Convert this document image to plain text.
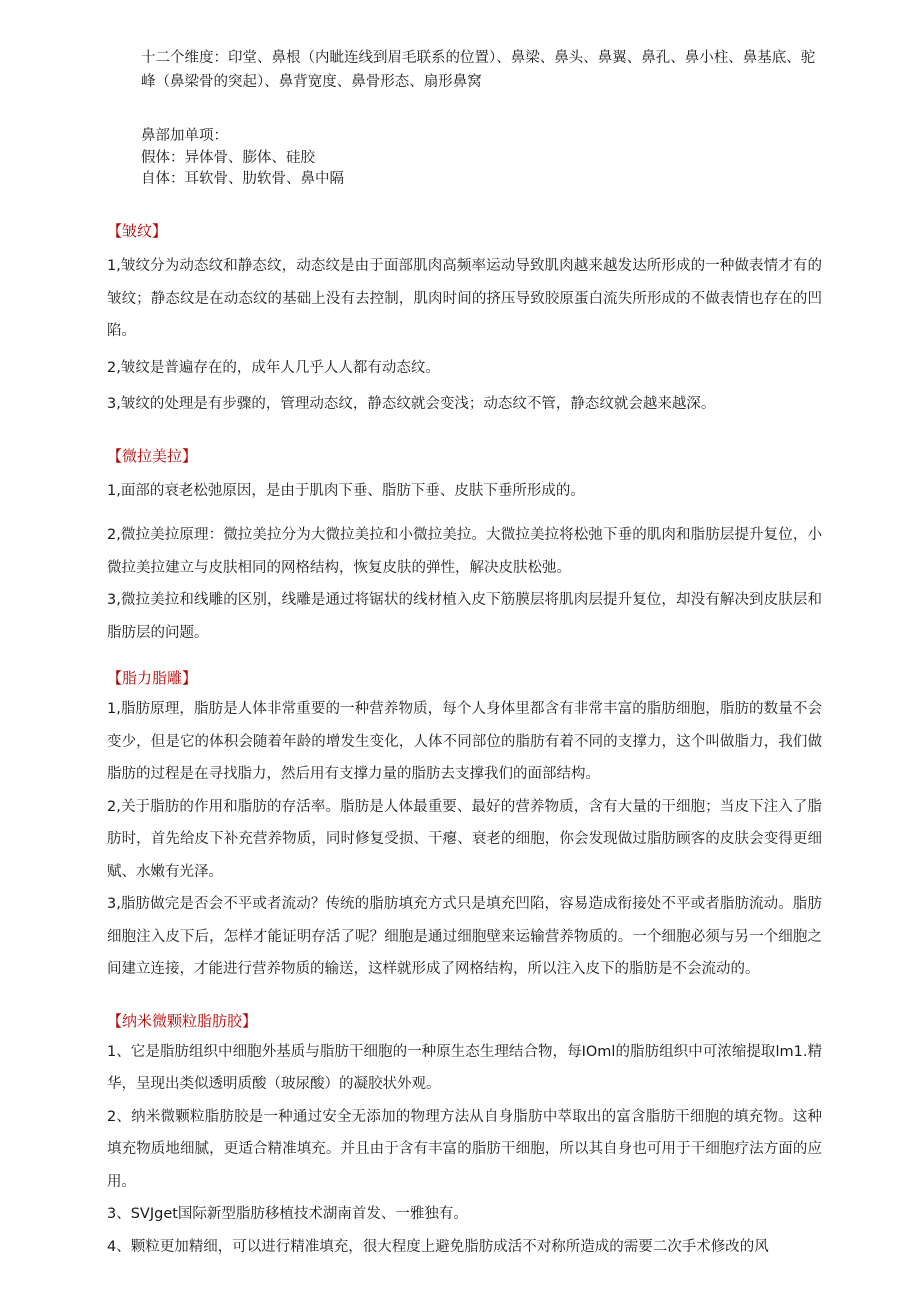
十二个维度：印堂、鼻根（内眦连线到眉毛联系的位置）、鼻梁、鼻头、鼻翼、鼻孔、鼻小柱、鼻基底、驼峰（鼻梁骨的突起）、鼻背宽度、鼻骨形态、扇形鼻窝

鼻部加单项：

假体：异体骨、膨体、硅胶

自体：耳软骨、肋软骨、鼻中隔

【皱纹】

1,皱纹分为动态纹和静态纹，动态纹是由于面部肌肉高频率运动导致肌肉越来越发达所形成的一种做表情才有的皱纹；静态纹是在动态纹的基础上没有去控制，肌肉时间的挤压导致胶原蛋白流失所形成的不做表情也存在的凹陷。

2,皱纹是普遍存在的，成年人几乎人人都有动态纹。

3,皱纹的处理是有步骤的，管理动态纹，静态纹就会变浅；动态纹不管，静态纹就会越来越深。

【微拉美拉】

1,面部的衰老松弛原因，是由于肌肉下垂、脂肪下垂、皮肤下垂所形成的。

2,微拉美拉原理：微拉美拉分为大微拉美拉和小微拉美拉。大微拉美拉将松弛下垂的肌肉和脂肪层提升复位，小微拉美拉建立与皮肤相同的网格结构，恢复皮肤的弹性，解决皮肤松弛。

3,微拉美拉和线雕的区别，线雕是通过将锯状的线材植入皮下筋膜层将肌肉层提升复位，却没有解决到皮肤层和脂肪层的问题。

【脂力脂雕】

1,脂肪原理，脂肪是人体非常重要的一种营养物质，每个人身体里都含有非常丰富的脂肪细胞，脂肪的数量不会变少，但是它的体积会随着年龄的增发生变化，人体不同部位的脂肪有着不同的支撑力，这个叫做脂力，我们做脂肪的过程是在寻找脂力，然后用有支撑力量的脂肪去支撑我们的面部结构。

2,关于脂肪的作用和脂肪的存活率。脂肪是人体最重要、最好的营养物质，含有大量的干细胞；当皮下注入了脂肪时，首先给皮下补充营养物质，同时修复受损、干瘪、衰老的细胞，你会发现做过脂肪顾客的皮肤会变得更细赋、水嫩有光泽。

3,脂肪做完是否会不平或者流动？传统的脂肪填充方式只是填充凹陷，容易造成衔接处不平或者脂肪流动。脂肪细胞注入皮下后，怎样才能证明存活了呢？细胞是通过细胞壁来运输营养物质的。一个细胞必须与另一个细胞之间建立连接，才能进行营养物质的输送，这样就形成了网格结构，所以注入皮下的脂肪是不会流动的。

【纳米微颗粒脂肪胶】

1、它是脂肪组织中细胞外基质与脂肪干细胞的一种原生态生理结合物，每IOml的脂肪组织中可浓缩提取lm1.精华，呈现出类似透明质酸（玻尿酸）的凝胶状外观。

2、纳米微颗粒脂肪胶是一种通过安全无添加的物理方法从自身脂肪中萃取出的富含脂肪干细胞的填充物。这种填充物质地细腻，更适合精准填充。并且由于含有丰富的脂肪干细胞，所以其自身也可用于干细胞疗法方面的应用。

3、SVJget国际新型脂肪移植技术湖南首发、一雅独有。

4、颗粒更加精细，可以进行精准填充，很大程度上避免脂肪成活不对称所造成的需要二次手术修改的风
